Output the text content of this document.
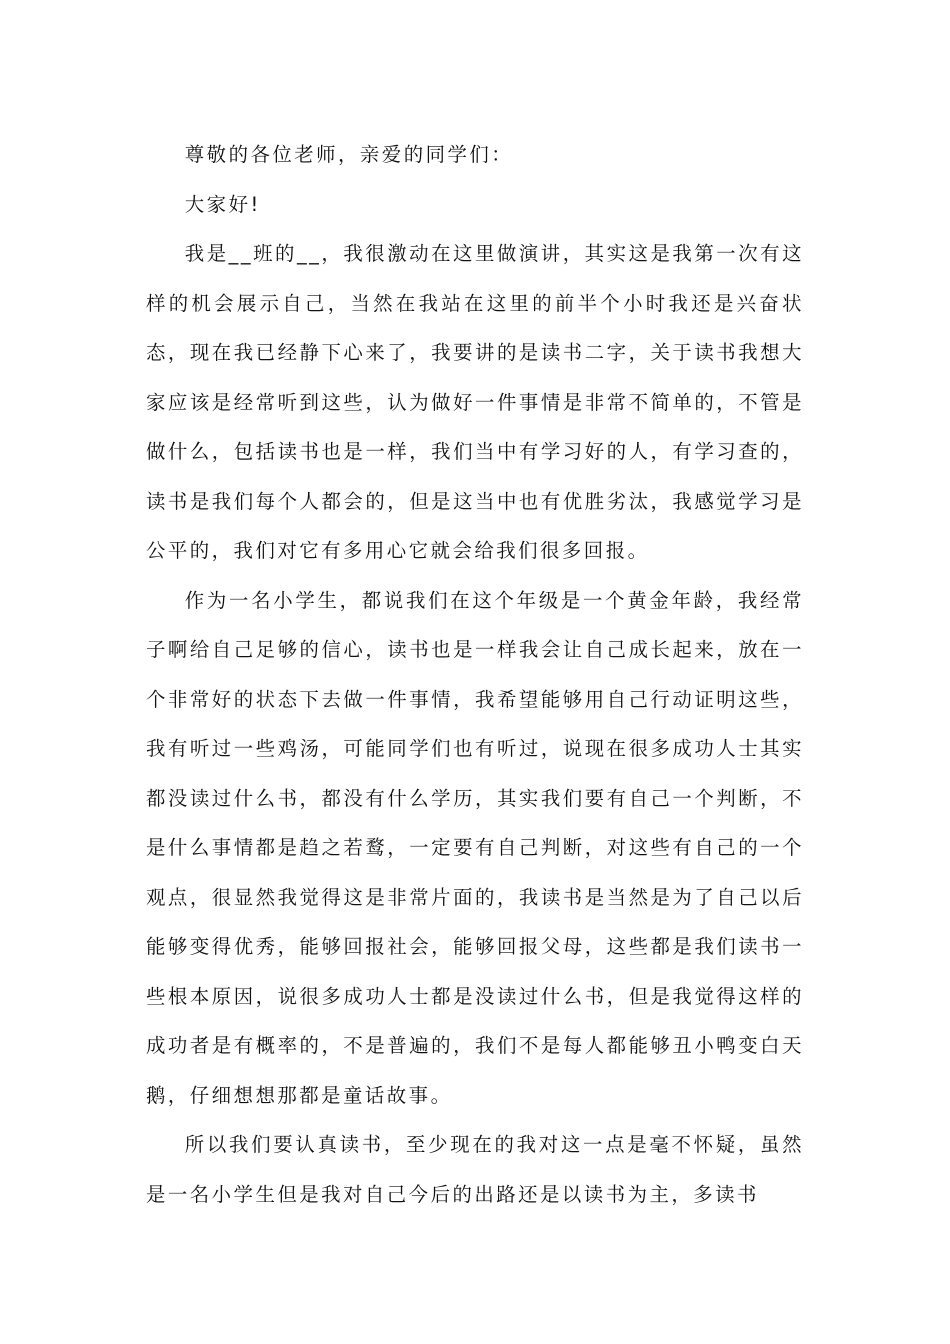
尊敬的各位老师，亲爱的同学们：

大家好!

我是__班的__，我很激动在这里做演讲，其实这是我第一次有这样的机会展示自己，当然在我站在这里的前半个小时我还是兴奋状态，现在我已经静下心来了，我要讲的是读书二字，关于读书我想大家应该是经常听到这些，认为做好一件事情是非常不简单的，不管是做什么，包括读书也是一样，我们当中有学习好的人，有学习查的，读书是我们每个人都会的，但是这当中也有优胜劣汰，我感觉学习是公平的，我们对它有多用心它就会给我们很多回报。

作为一名小学生，都说我们在这个年级是一个黄金年龄，我经常子啊给自己足够的信心，读书也是一样我会让自己成长起来，放在一个非常好的状态下去做一件事情，我希望能够用自己行动证明这些，我有听过一些鸡汤，可能同学们也有听过，说现在很多成功人士其实都没读过什么书，都没有什么学历，其实我们要有自己一个判断，不是什么事情都是趋之若鹜，一定要有自己判断，对这些有自己的一个观点，很显然我觉得这是非常片面的，我读书是当然是为了自己以后能够变得优秀，能够回报社会，能够回报父母，这些都是我们读书一些根本原因，说很多成功人士都是没读过什么书，但是我觉得这样的成功者是有概率的，不是普遍的，我们不是每人都能够丑小鸭变白天鹅，仔细想想那都是童话故事。

所以我们要认真读书，至少现在的我对这一点是毫不怀疑，虽然是一名小学生但是我对自己今后的出路还是以读书为主，多读书
